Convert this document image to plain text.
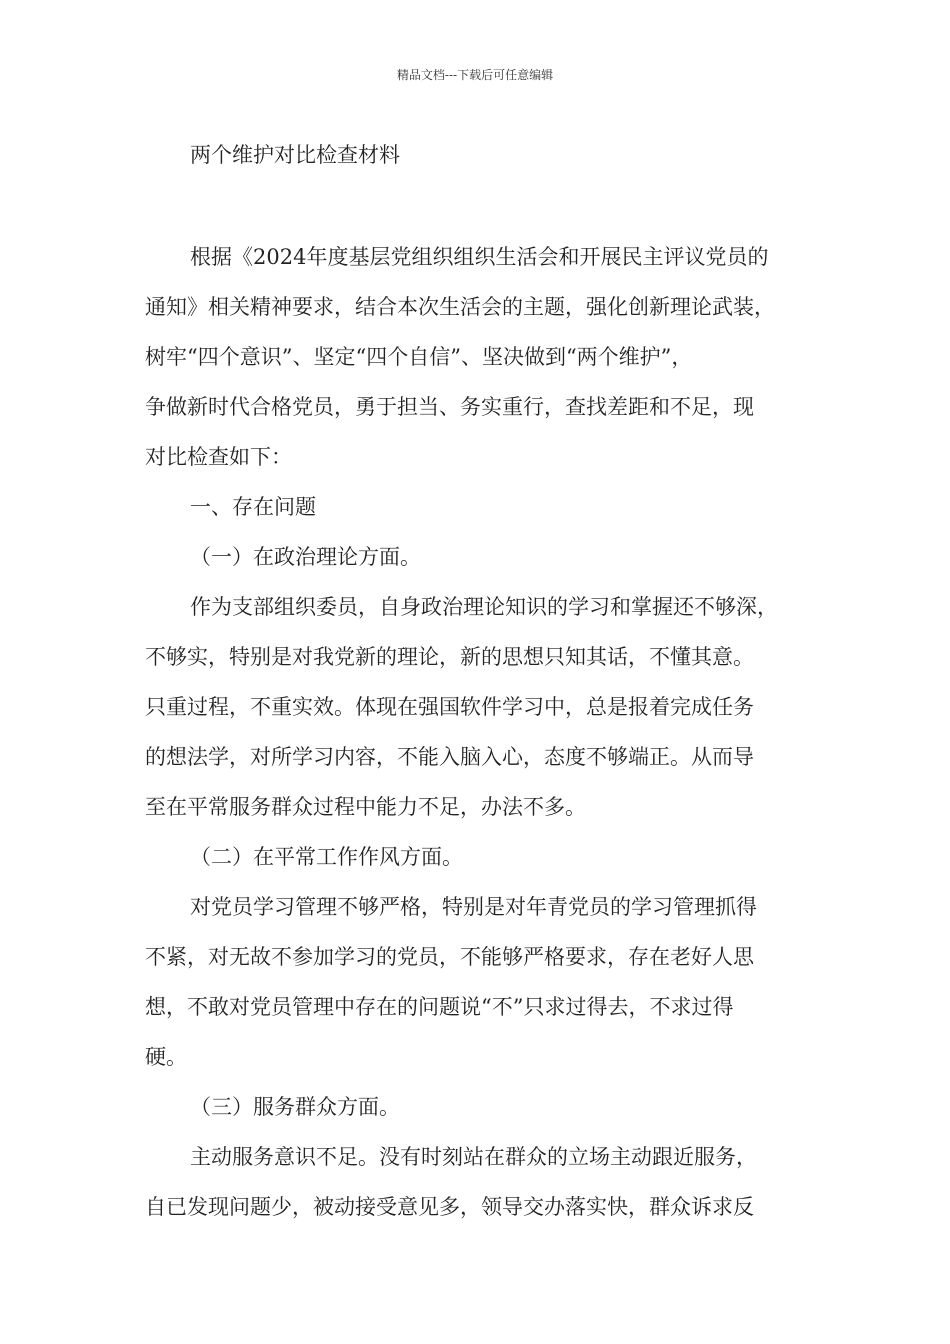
精品文档---下载后可任意编辑
两个维护对比检查材料

根据《2024年度基层党组织组织生活会和开展民主评议党员的

通知》相关精神要求，结合本次生活会的主题，强化创新理论武装，

树牢“四个意识”、坚定“四个自信”、坚决做到“两个维护”，

争做新时代合格党员，勇于担当、务实重行，查找差距和不足，现

对比检查如下：

一、存在问题

（一）在政治理论方面。

作为支部组织委员，自身政治理论知识的学习和掌握还不够深，

不够实，特别是对我党新的理论，新的思想只知其话，不懂其意。

只重过程，不重实效。体现在强国软件学习中，总是报着完成任务

的想法学，对所学习内容，不能入脑入心，态度不够端正。从而导

至在平常服务群众过程中能力不足，办法不多。

（二）在平常工作作风方面。

对党员学习管理不够严格，特别是对年青党员的学习管理抓得

不紧，对无故不参加学习的党员，不能够严格要求，存在老好人思

想，不敢对党员管理中存在的问题说“不”只求过得去，不求过得

硬。

（三）服务群众方面。

主动服务意识不足。没有时刻站在群众的立场主动跟近服务，

自已发现问题少，被动接受意见多，领导交办落实快，群众诉求反
